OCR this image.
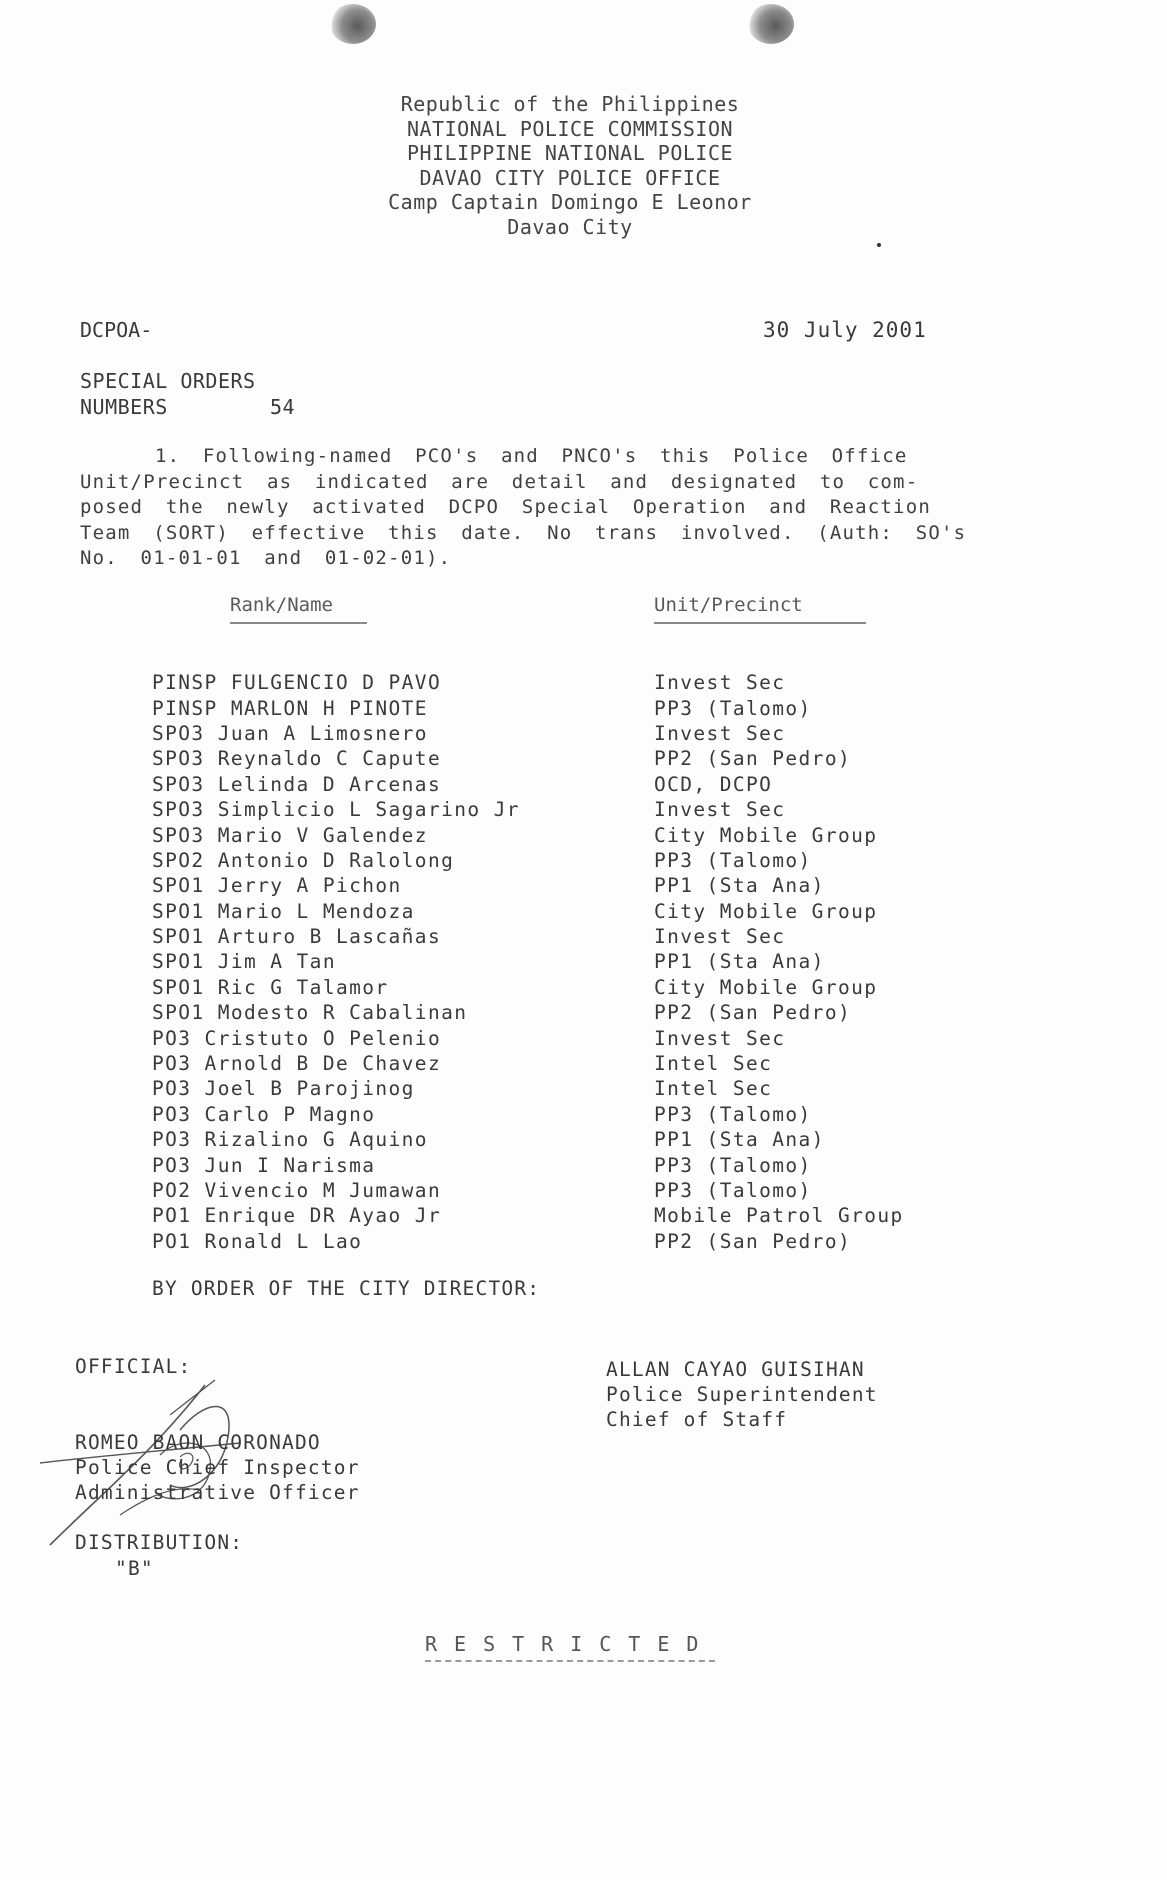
Republic of the Philippines
NATIONAL POLICE COMMISSION
PHILIPPINE NATIONAL POLICE
DAVAO CITY POLICE OFFICE
Camp Captain Domingo E Leonor
Davao City
DCPOA-	30 July 2001
SPECIAL ORDERS
NUMBERS	54
1. Following-named PCO's and PNCO's this Police Office
Unit/Precinct as indicated are detail and designated to com-
posed the newly activated DCPO Special Operation and Reaction
Team (SORT) effective this date. No trans involved. (Auth: SO's
No. 01-01-01 and 01-02-01).
Rank/Name	Unit/Precinct
PINSP FULGENCIO D PAVO	Invest Sec
PINSP MARLON H PINOTE	PP3 (Talomo)
SPO3 Juan A Limosnero	Invest Sec
SPO3 Reynaldo C Capute	PP2 (San Pedro)
SPO3 Lelinda D Arcenas	OCD, DCPO
SPO3 Simplicio L Sagarino Jr	Invest Sec
SPO3 Mario V Galendez	City Mobile Group
SPO2 Antonio D Ralolong	PP3 (Talomo)
SPO1 Jerry A Pichon	PP1 (Sta Ana)
SPO1 Mario L Mendoza	City Mobile Group
SPO1 Arturo B Lascañas	Invest Sec
SPO1 Jim A Tan	PP1 (Sta Ana)
SPO1 Ric G Talamor	City Mobile Group
SPO1 Modesto R Cabalinan	PP2 (San Pedro)
PO3 Cristuto O Pelenio	Invest Sec
PO3 Arnold B De Chavez	Intel Sec
PO3 Joel B Parojinog	Intel Sec
PO3 Carlo P Magno	PP3 (Talomo)
PO3 Rizalino G Aquino	PP1 (Sta Ana)
PO3 Jun I Narisma	PP3 (Talomo)
PO2 Vivencio M Jumawan	PP3 (Talomo)
PO1 Enrique DR Ayao Jr	Mobile Patrol Group
PO1 Ronald L Lao	PP2 (San Pedro)
BY ORDER OF THE CITY DIRECTOR:
OFFICIAL:
ROMEO BAON CORONADO
Police Chief Inspector
Administrative Officer
ALLAN CAYAO GUISIHAN
Police Superintendent
Chief of Staff
DISTRIBUTION:
"B"
RESTRICTED
